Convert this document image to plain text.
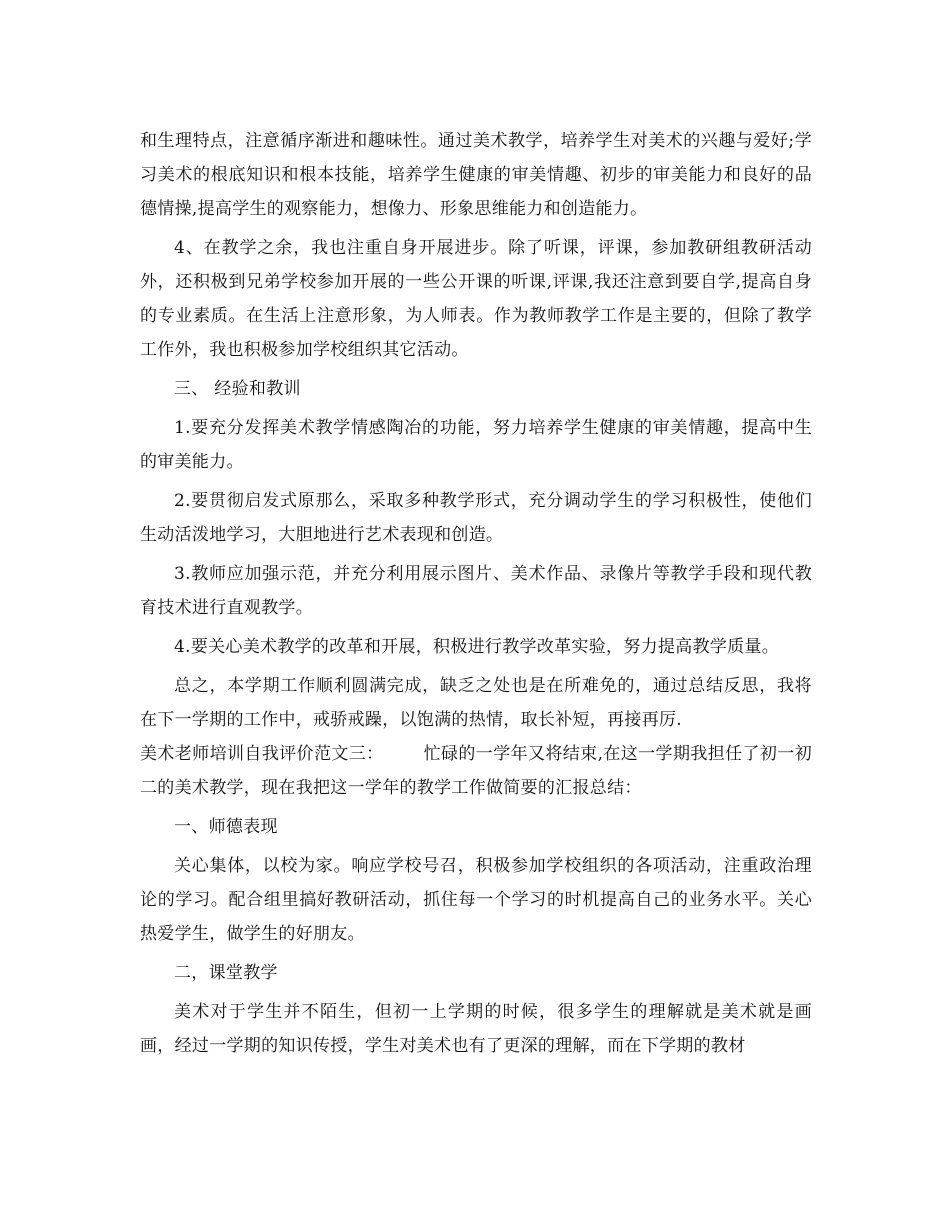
和生理特点，注意循序渐进和趣味性。通过美术教学，培养学生对美术的兴趣与爱好;学习美术的根底知识和根本技能，培养学生健康的审美情趣、初步的审美能力和良好的品德情操,提高学生的观察能力，想像力、形象思维能力和创造能力。

4、在教学之余，我也注重自身开展进步。除了听课，评课，参加教研组教研活动外，还积极到兄弟学校参加开展的一些公开课的听课,评课,我还注意到要自学,提高自身的专业素质。在生活上注意形象，为人师表。作为教师教学工作是主要的，但除了教学工作外，我也积极参加学校组织其它活动。

三、 经验和教训

1.要充分发挥美术教学情感陶冶的功能，努力培养学生健康的审美情趣，提高中生的审美能力。

2.要贯彻启发式原那么，采取多种教学形式，充分调动学生的学习积极性，使他们生动活泼地学习，大胆地进行艺术表现和创造。

3.教师应加强示范，并充分利用展示图片、美术作品、录像片等教学手段和现代教育技术进行直观教学。

4.要关心美术教学的改革和开展，积极进行教学改革实验，努力提高教学质量。

总之，本学期工作顺利圆满完成，缺乏之处也是在所难免的，通过总结反思，我将在下一学期的工作中，戒骄戒躁，以饱满的热情，取长补短，再接再厉.

美术老师培训自我评价范文三： 忙碌的一学年又将结束,在这一学期我担任了初一初二的美术教学，现在我把这一学年的教学工作做简要的汇报总结：

一、师德表现

关心集体，以校为家。响应学校号召，积极参加学校组织的各项活动，注重政治理论的学习。配合组里搞好教研活动，抓住每一个学习的时机提高自己的业务水平。关心热爱学生，做学生的好朋友。

二，课堂教学

美术对于学生并不陌生，但初一上学期的时候，很多学生的理解就是美术就是画画，经过一学期的知识传授，学生对美术也有了更深的理解，而在下学期的教材
